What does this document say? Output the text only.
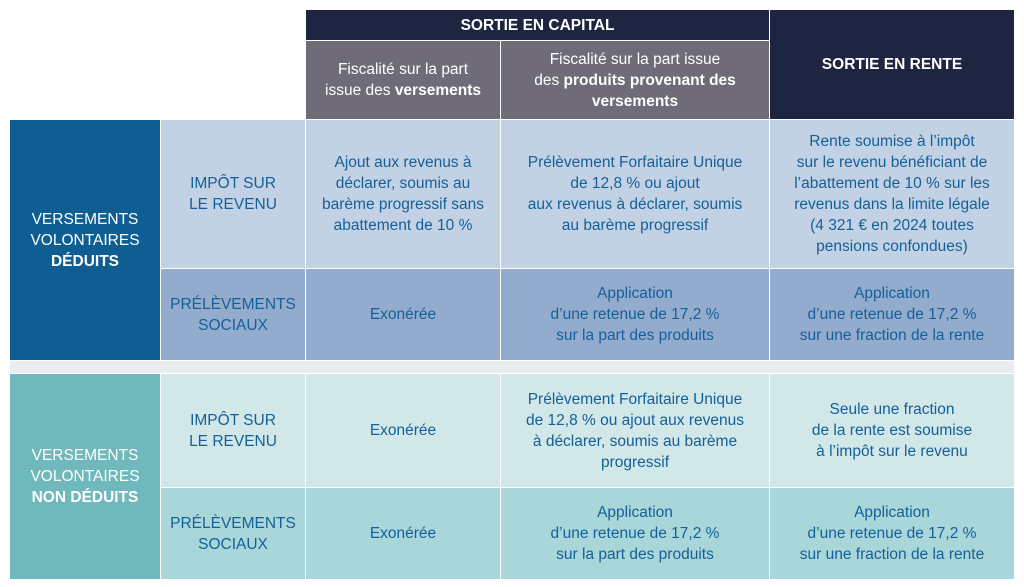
SORTIE EN CAPITAL
Fiscalité sur la part
issue des versements
Fiscalité sur la part issue
des produits provenant des
versements
SORTIE EN RENTE
VERSEMENTS
VOLONTAIRES
DÉDUITS
IMPÔT SUR
LE REVENU
Ajout aux revenus à
déclarer, soumis au
barème progressif sans
abattement de 10 %
Prélèvement Forfaitaire Unique
de 12,8 % ou ajout
aux revenus à déclarer, soumis
au barème progressif
Rente soumise à l’impôt
sur le revenu bénéficiant de
l’abattement de 10 % sur les
revenus dans la limite légale
(4 321 € en 2024 toutes
pensions confondues)
PRÉLÈVEMENTS
SOCIAUX
Exonérée
Application
d’une retenue de 17,2 %
sur la part des produits
Application
d’une retenue de 17,2 %
sur une fraction de la rente
VERSEMENTS
VOLONTAIRES
NON DÉDUITS
IMPÔT SUR
LE REVENU
Exonérée
Prélèvement Forfaitaire Unique
de 12,8 % ou ajout aux revenus
à déclarer, soumis au barème
progressif
Seule une fraction
de la rente est soumise
à l’impôt sur le revenu
PRÉLÈVEMENTS
SOCIAUX
Exonérée
Application
d’une retenue de 17,2 %
sur la part des produits
Application
d’une retenue de 17,2 %
sur une fraction de la rente
